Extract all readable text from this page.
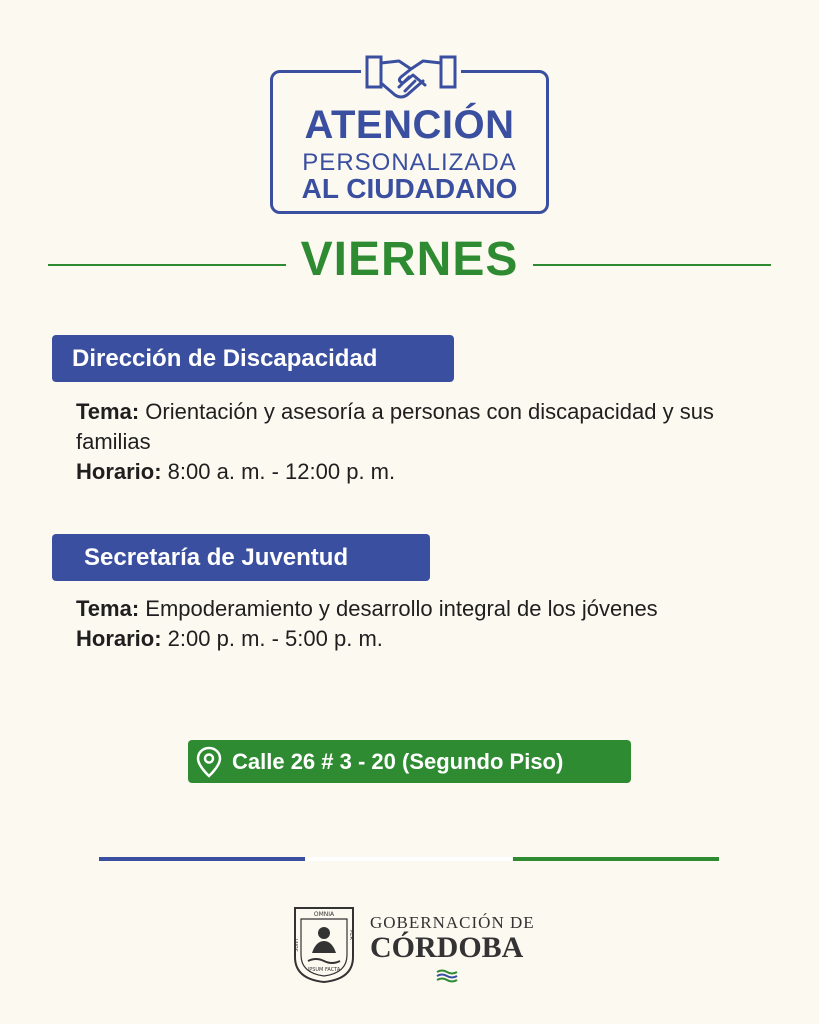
ATENCIÓN
PERSONALIZADA
AL CIUDADANO
VIERNES
Dirección de Discapacidad
Tema: Orientación y asesoría a personas con discapacidad y sus familias
Horario: 8:00 a. m. - 12:00 p. m.
Secretaría de Juventud
Tema: Empoderamiento y desarrollo integral de los jóvenes
Horario: 2:00 p. m. - 5:00 p. m.
Calle 26 # 3 - 20 (Segundo Piso)
OMNIA
SUNT
PER
IPSUM FACTA
GOBERNACIÓN DE
CÓRDOBA
